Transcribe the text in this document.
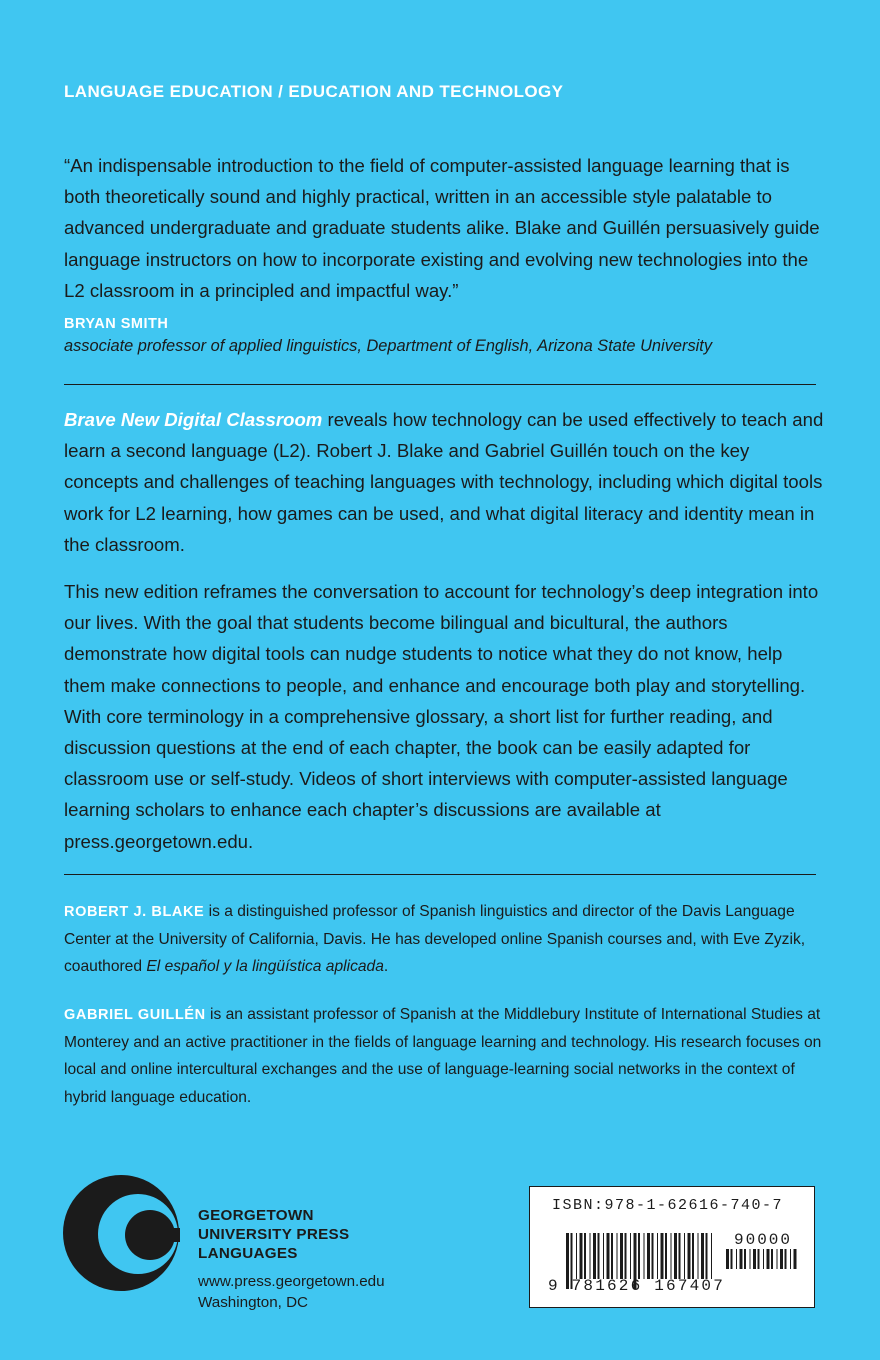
LANGUAGE EDUCATION / EDUCATION AND TECHNOLOGY
“An indispensable introduction to the field of computer-assisted language learning that is both theoretically sound and highly practical, written in an accessible style palatable to advanced undergraduate and graduate students alike. Blake and Guillén persuasively guide language instructors on how to incorporate existing and evolving new technologies into the L2 classroom in a principled and impactful way.”
BRYAN SMITH
associate professor of applied linguistics, Department of English, Arizona State University
Brave New Digital Classroom reveals how technology can be used effectively to teach and learn a second language (L2). Robert J. Blake and Gabriel Guillén touch on the key concepts and challenges of teaching languages with technology, including which digital tools work for L2 learning, how games can be used, and what digital literacy and identity mean in the classroom.
This new edition reframes the conversation to account for technology’s deep integration into our lives. With the goal that students become bilingual and bicultural, the authors demonstrate how digital tools can nudge students to notice what they do not know, help them make connections to people, and enhance and encourage both play and storytelling. With core terminology in a comprehensive glossary, a short list for further reading, and discussion questions at the end of each chapter, the book can be easily adapted for classroom use or self-study. Videos of short interviews with computer-assisted language learning scholars to enhance each chapter’s discussions are available at press.georgetown.edu.
ROBERT J. BLAKE is a distinguished professor of Spanish linguistics and director of the Davis Language Center at the University of California, Davis. He has developed online Spanish courses and, with Eve Zyzik, coauthored El español y la lingüística aplicada.
GABRIEL GUILLÉN is an assistant professor of Spanish at the Middlebury Institute of International Studies at Monterey and an active practitioner in the fields of language learning and technology. His research focuses on local and online intercultural exchanges and the use of language-learning social networks in the context of hybrid language education.
GEORGETOWN
UNIVERSITY PRESS
LANGUAGES
www.press.georgetown.edu
Washington, DC
ISBN:978-1-62616-740-7
90000
9 781626 167407
